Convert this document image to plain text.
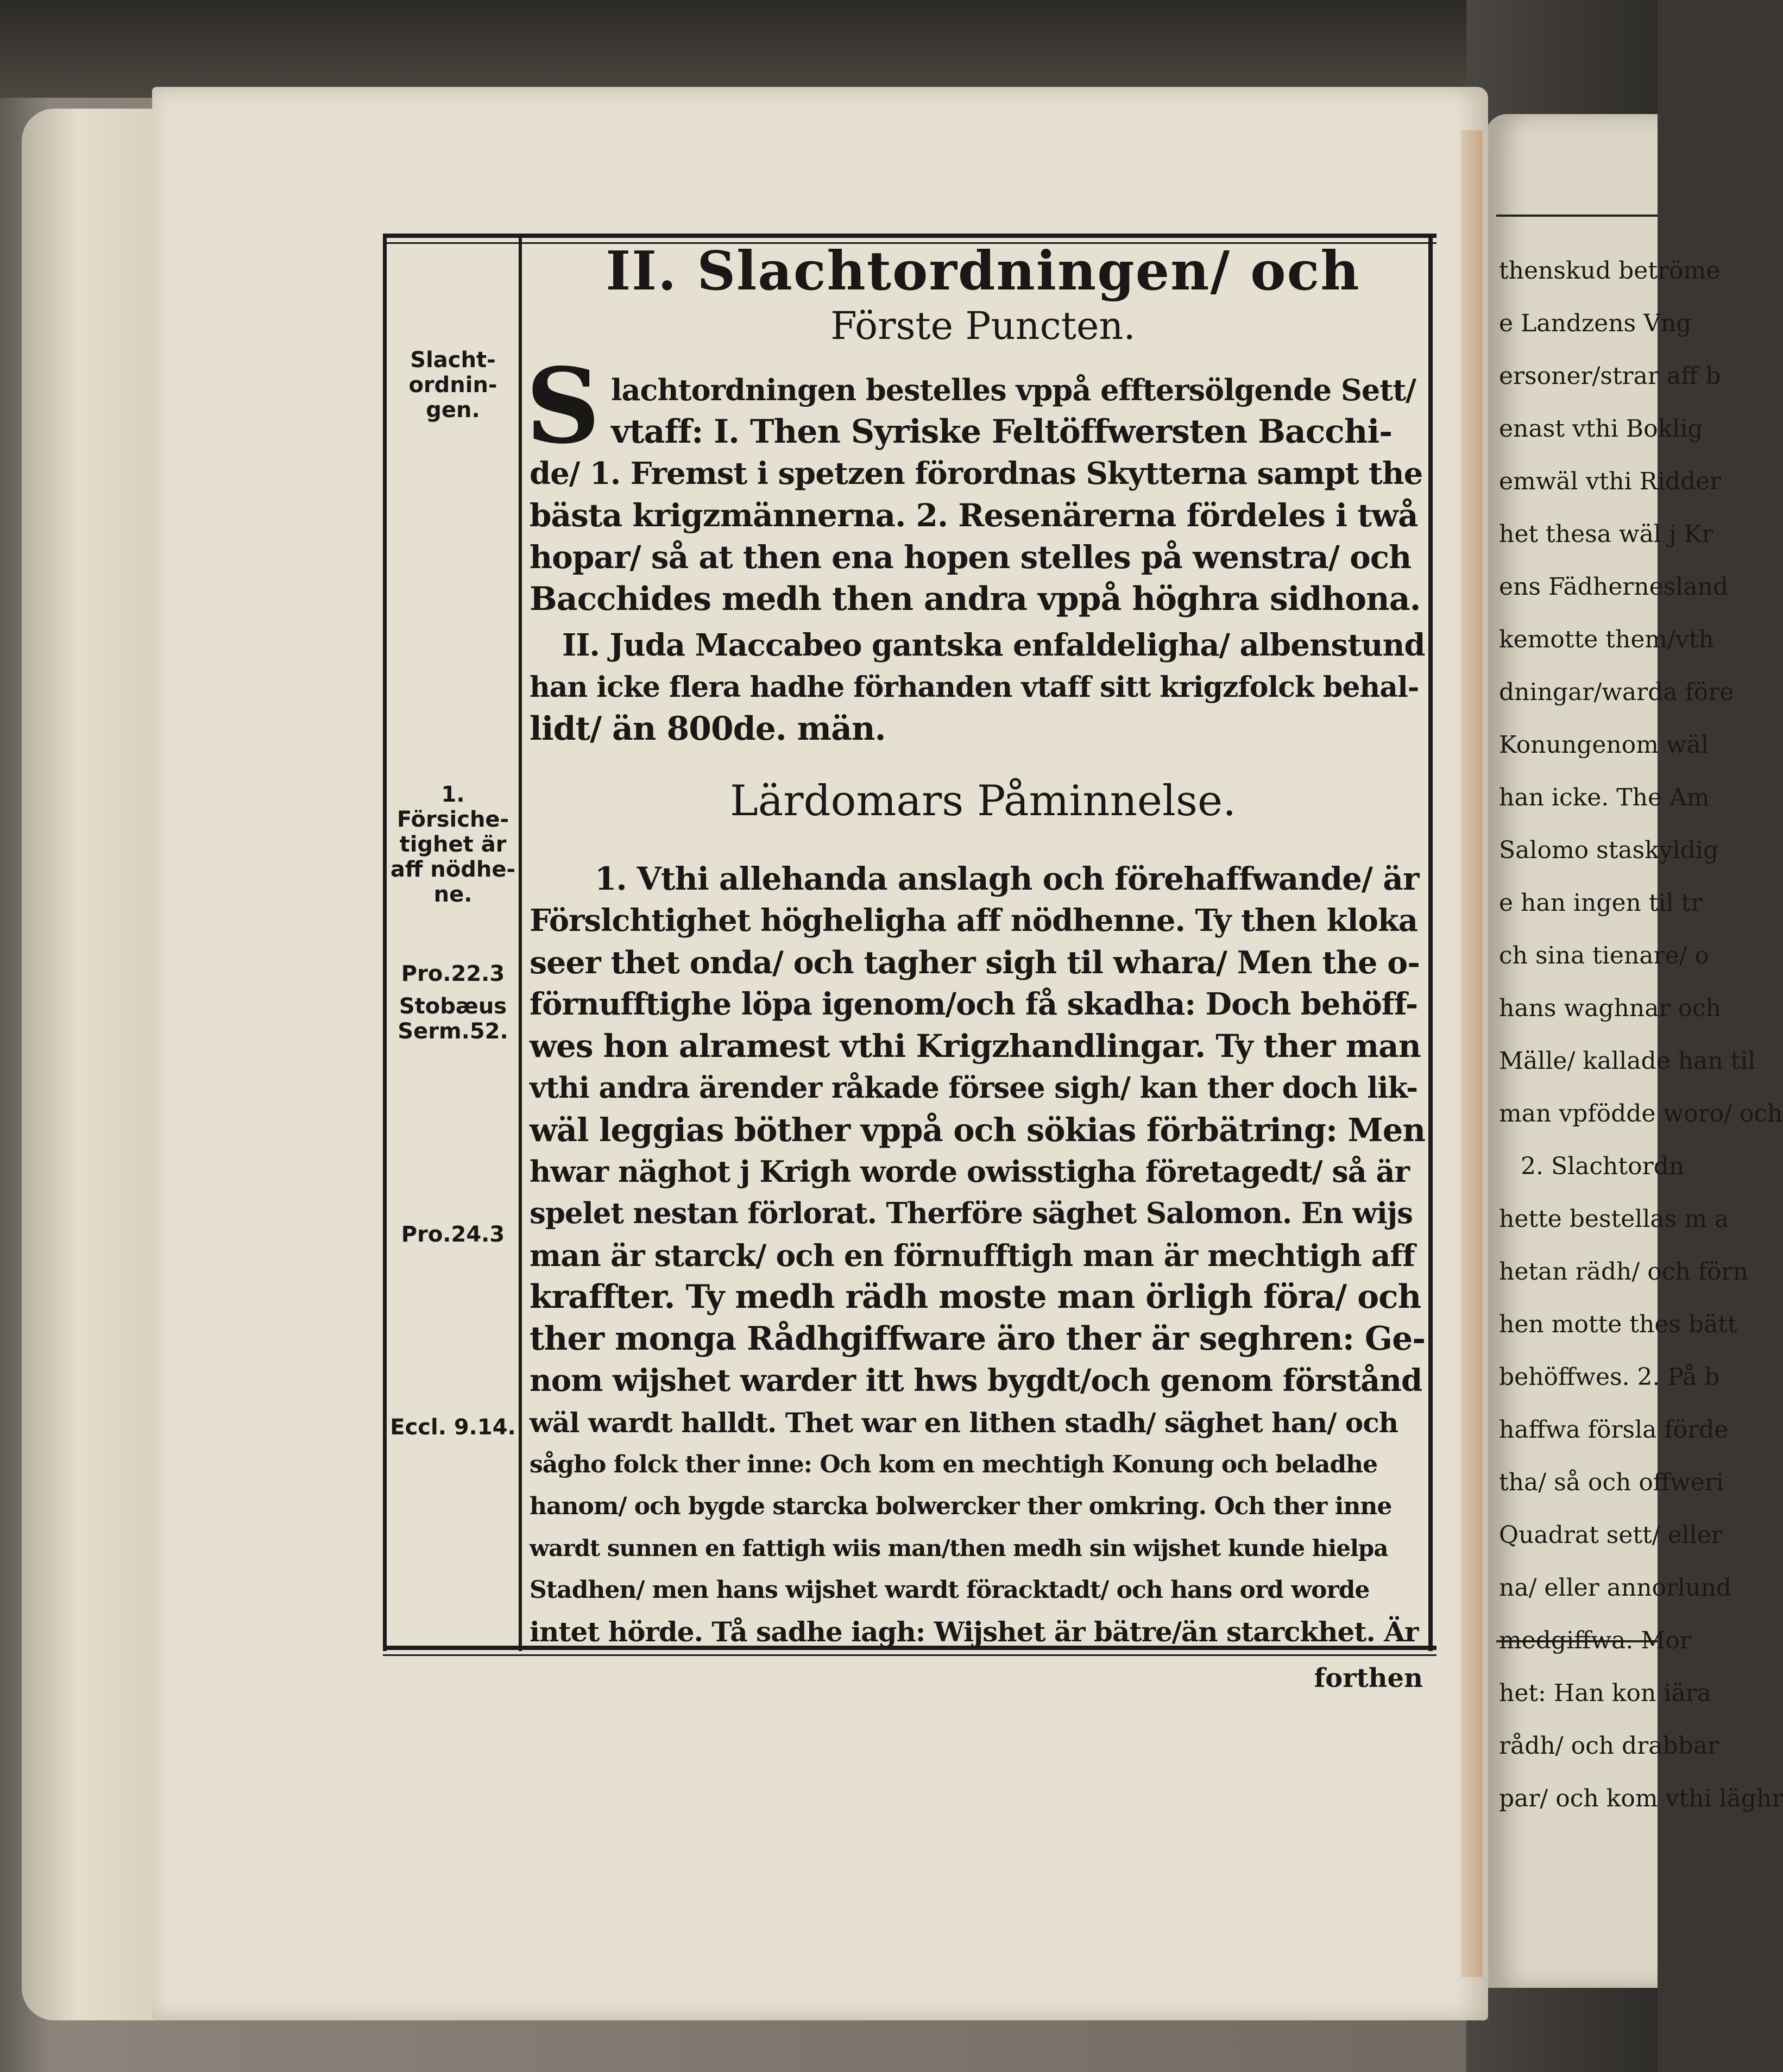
thenskud betröme
e Landzens Vng
ersoner/strar aff b
enast vthi Boklig
emwäl vthi Ridder
het thesa wäl j Kr
ens Fädhernesland
kemotte them/vth
dningar/warda före
Konungenom wäl
han icke. The Am
Salomo staskyldig
e han ingen til tr
ch sina tienare/ o
hans waghnar och
Mälle/ kallade han til
man vpfödde woro/ och
2. Slachtordn
hette bestellas m a
hetan rädh/ och förn
hen motte thes bätt
behöffwes. 2. På b
haffwa försla förde
tha/ så och offweri
Quadrat sett/ eller
na/ eller annorlund
medgiffwa. Mor
het: Han kon iära
rådh/ och drabbar
par/ och kom vthi läghr
II. Slachtordningen/ och
Förste Puncten.
Slacht-
ordnin-
gen.
1.
Försiche-
tighet är
aff nödhe-
ne.
Pro.22.3
Stobæus
Serm.52.
Pro.24.3
Eccl. 9.14.
S lachtordningen bestelles vppå efftersölgende Sett/
vtaff: I. Then Syriske Feltöffwersten Bacchi-
de/ 1. Fremst i spetzen förordnas Skytterna sampt the
bästa krigzmännerna. 2. Resenärerna fördeles i twå
hopar/ så at then ena hopen stelles på wenstra/ och
Bacchides medh then andra vppå höghra sidhona.
II. Juda Maccabeo gantska enfaldeligha/ albenstund
han icke flera hadhe förhanden vtaff sitt krigzfolck behal-
lidt/ än 800de. män.
Lärdomars Påminnelse.
1. Vthi allehanda anslagh och förehaffwande/ är
Förslchtighet högheligha aff nödhenne. Ty then kloka
seer thet onda/ och tagher sigh til whara/ Men the o-
förnufftighe löpa igenom/och få skadha: Doch behöff-
wes hon alramest vthi Krigzhandlingar. Ty ther man
vthi andra ärender råkade försee sigh/ kan ther doch lik-
wäl leggias böther vppå och sökias förbätring: Men
hwar näghot j Krigh worde owisstigha företagedt/ så är
spelet nestan förlorat. Therföre säghet Salomon. En wijs
man är starck/ och en förnufftigh man är mechtigh aff
kraffter. Ty medh rädh moste man örligh föra/ och
ther monga Rådhgiffware äro ther är seghren: Ge-
nom wijshet warder itt hws bygdt/och genom förstånd
wäl wardt halldt. Thet war en lithen stadh/ säghet han/ och
sågho folck ther inne: Och kom en mechtigh Konung och beladhe
hanom/ och bygde starcka bolwercker ther omkring. Och ther inne
wardt sunnen en fattigh wiis man/then medh sin wijshet kunde hielpa
Stadhen/ men hans wijshet wardt föracktadt/ och hans ord worde
intet hörde. Tå sadhe iagh: Wijshet är bätre/än starckhet. Är
forthen
